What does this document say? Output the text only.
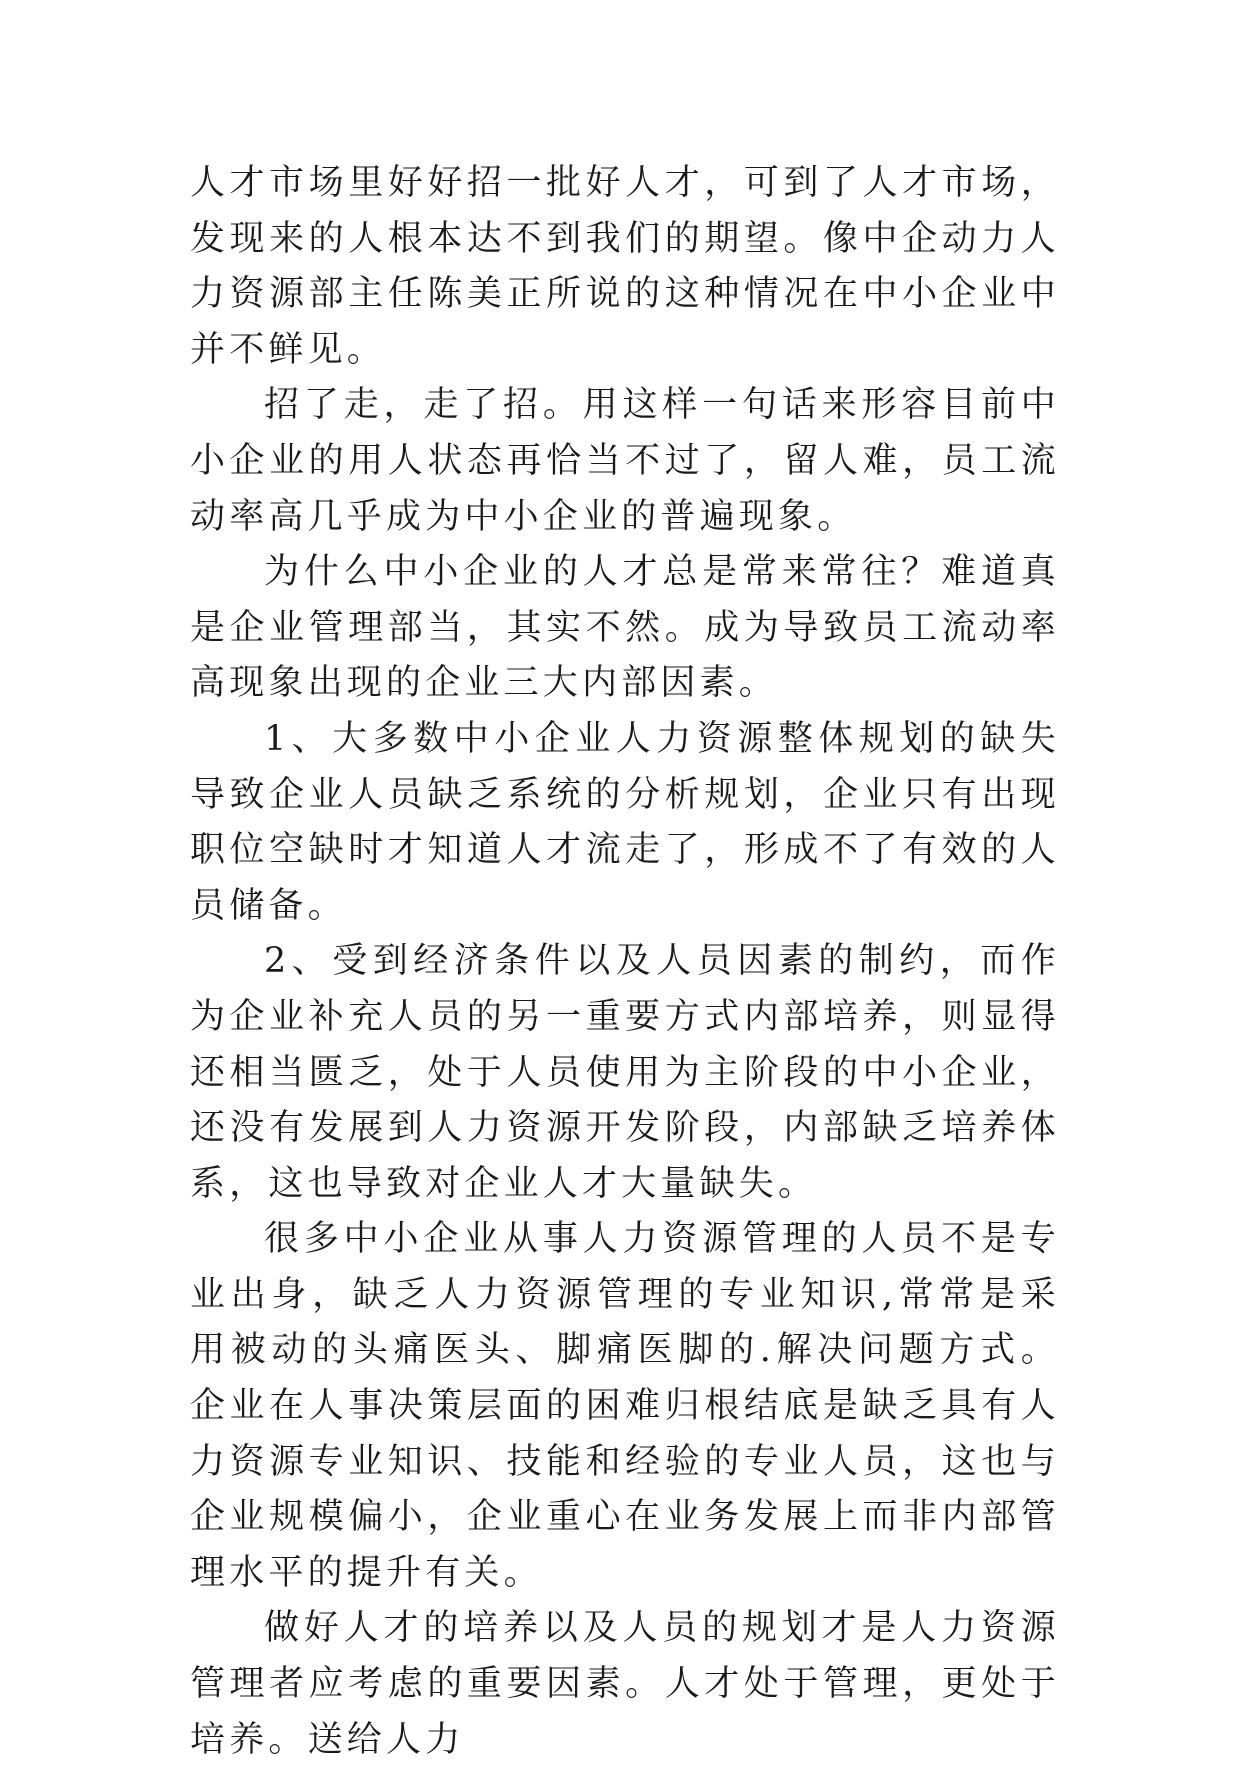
人才市场里好好招一批好人才，可到了人才市场，发现来的人根本达不到我们的期望。像中企动力人力资源部主任陈美正所说的这种情况在中小企业中并不鲜见。

招了走，走了招。用这样一句话来形容目前中小企业的用人状态再恰当不过了，留人难，员工流动率高几乎成为中小企业的普遍现象。

为什么中小企业的人才总是常来常往？难道真是企业管理部当，其实不然。成为导致员工流动率高现象出现的企业三大内部因素。

1、大多数中小企业人力资源整体规划的缺失导致企业人员缺乏系统的分析规划，企业只有出现职位空缺时才知道人才流走了，形成不了有效的人员储备。

2、受到经济条件以及人员因素的制约，而作为企业补充人员的另一重要方式内部培养，则显得还相当匮乏，处于人员使用为主阶段的中小企业，还没有发展到人力资源开发阶段，内部缺乏培养体系，这也导致对企业人才大量缺失。

很多中小企业从事人力资源管理的人员不是专业出身，缺乏人力资源管理的专业知识,常常是采用被动的头痛医头、脚痛医脚的.解决问题方式。企业在人事决策层面的困难归根结底是缺乏具有人力资源专业知识、技能和经验的专业人员，这也与企业规模偏小，企业重心在业务发展上而非内部管理水平的提升有关。

做好人才的培养以及人员的规划才是人力资源管理者应考虑的重要因素。人才处于管理，更处于培养。送给人力
